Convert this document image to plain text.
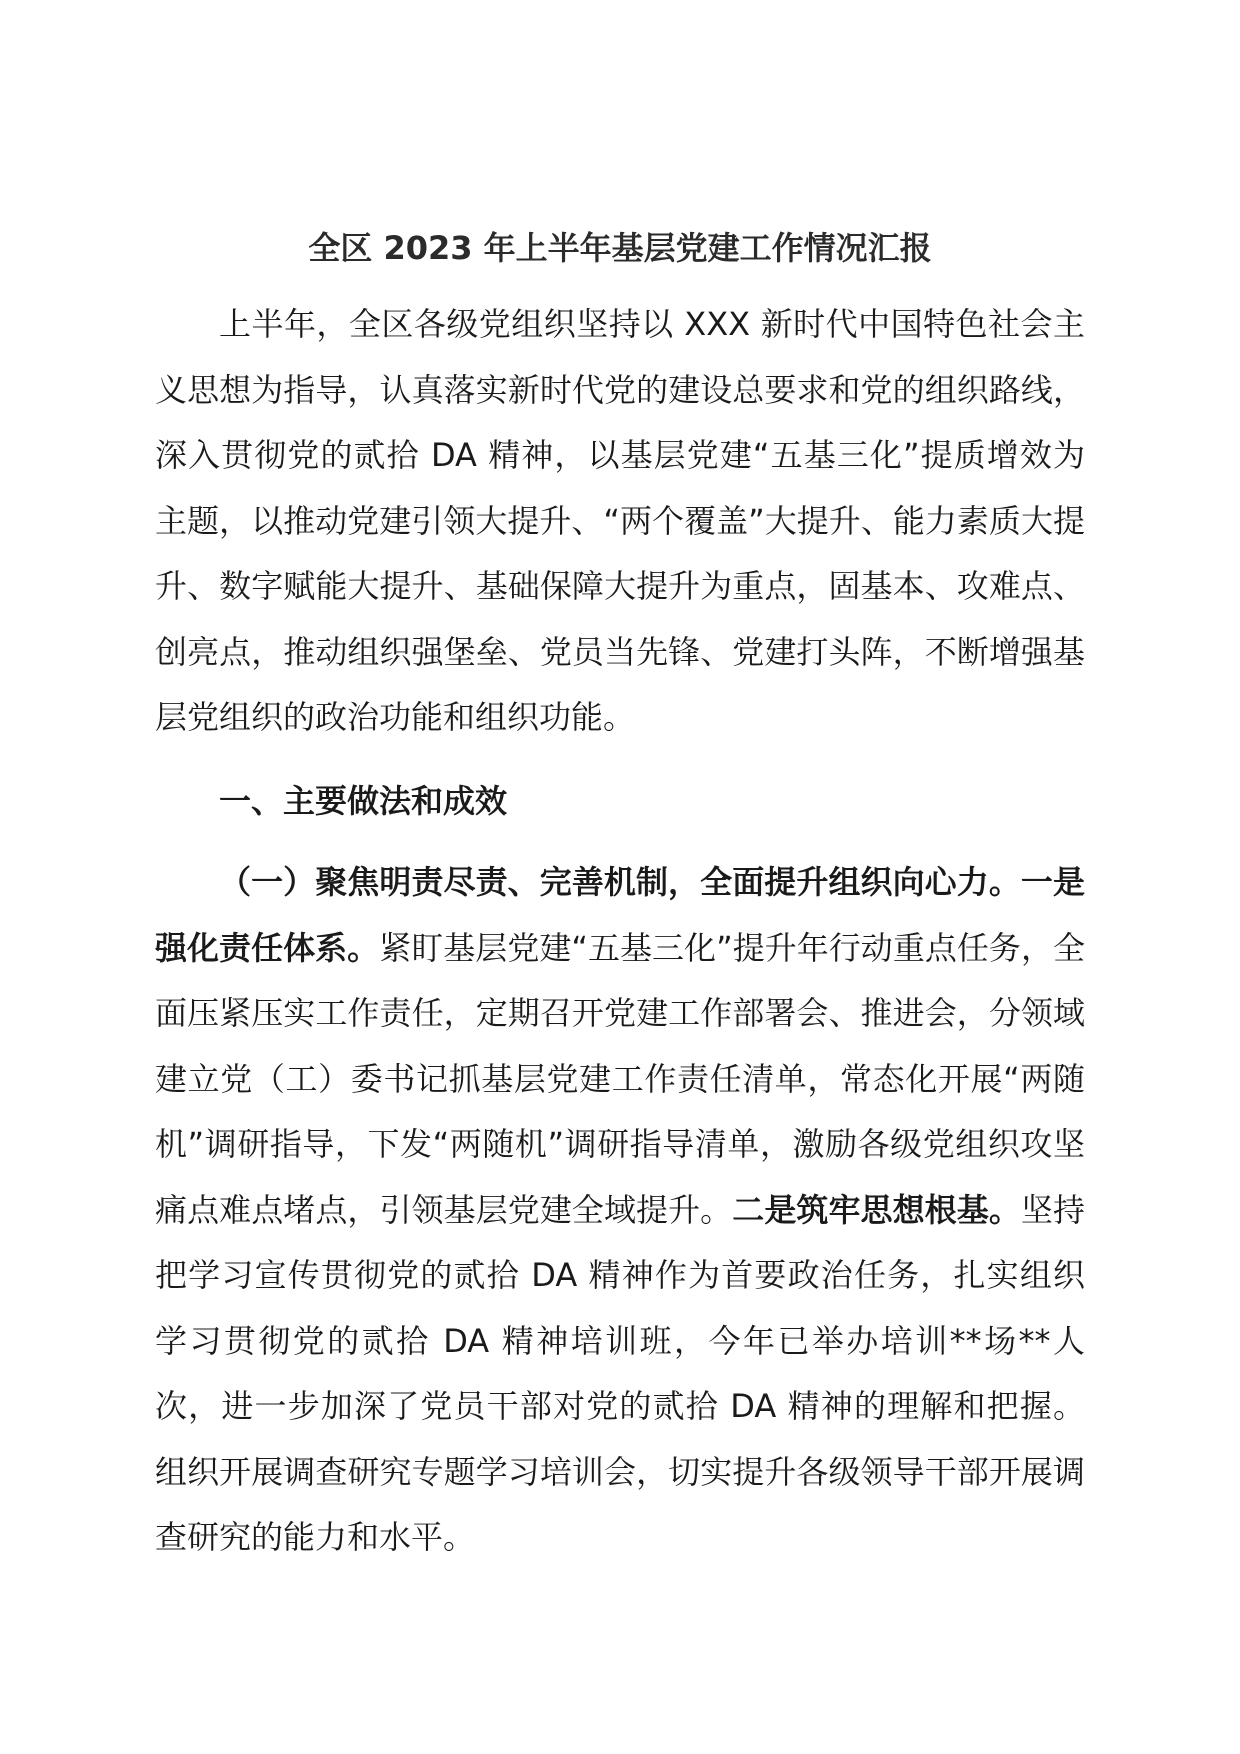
全区 2023 年上半年基层党建工作情况汇报

上半年，全区各级党组织坚持以 XXX 新时代中国特色社会主义思想为指导，认真落实新时代党的建设总要求和党的组织路线，深入贯彻党的贰拾 DA 精神，以基层党建“五基三化”提质增效为主题，以推动党建引领大提升、“两个覆盖”大提升、能力素质大提升、数字赋能大提升、基础保障大提升为重点，固基本、攻难点、创亮点，推动组织强堡垒、党员当先锋、党建打头阵，不断增强基层党组织的政治功能和组织功能。

一、主要做法和成效

（一）聚焦明责尽责、完善机制，全面提升组织向心力。一是强化责任体系。紧盯基层党建“五基三化”提升年行动重点任务，全面压紧压实工作责任，定期召开党建工作部署会、推进会，分领域建立党（工）委书记抓基层党建工作责任清单，常态化开展“两随机”调研指导，下发“两随机”调研指导清单，激励各级党组织攻坚痛点难点堵点，引领基层党建全域提升。二是筑牢思想根基。坚持把学习宣传贯彻党的贰拾 DA 精神作为首要政治任务，扎实组织学习贯彻党的贰拾 DA 精神培训班，今年已举办培训**场**人次，进一步加深了党员干部对党的贰拾 DA 精神的理解和把握。组织开展调查研究专题学习培训会，切实提升各级领导干部开展调查研究的能力和水平。
